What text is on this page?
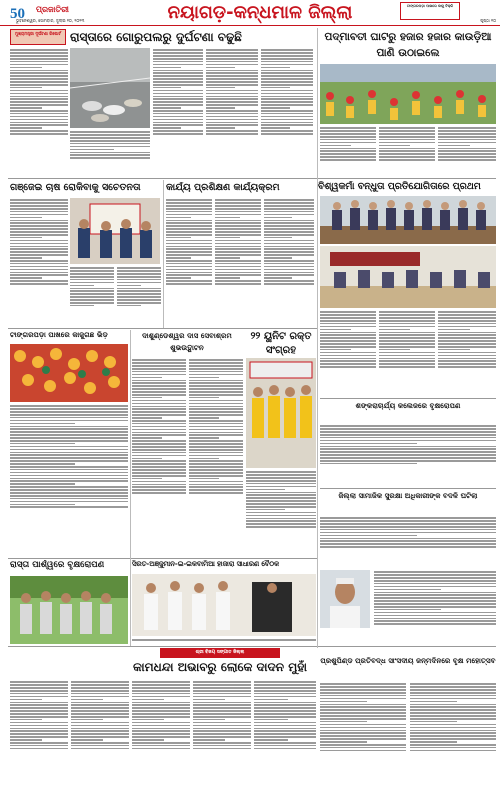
50	ପ୍ରଜାତିରୀ
ଭୁବନେଶ୍ୱର, ସୋମବାର, ଜୁଲାଇ ୧୦, ୨୦୨୩	ନୟାଗଡ଼-କନ୍ଧମାଳ ଜିଲ୍ଲା	ଟାଙ୍ଗରପଡ଼ା ପାଖରେ କାଜୁ ବିକ୍ରି
ପୃଷ୍ଠା ୧୦
ମୁଖ୍ୟମନ୍ତ୍ରୀ ଦୂର୍ଘଟଣା ରିପୋର୍ଟ ରାସ୍ତାରେ ଗୋରୁପଲରୁ ଦୁର୍ଘଟଣା ବଢୁଛି	ପଦ୍ମାବତୀ ଘାଟରୁ ହଜାର ହଜାର କାଉଡ଼ିଆ ପାଣି ଉଠାଇଲେ
ବିଶ୍ୱକର୍ମା ବନ୍ଧୁତା ପ୍ରତିଯୋଗିତାରେ ପ୍ରଥମ
ଗଞ୍ଜେଇ ଚାଷ ରୋକିବାକୁ ସଚେତନତା	କାର୍ଯ୍ୟ ପ୍ରଶିକ୍ଷଣ କାର୍ଯ୍ୟକ୍ରମ
ଟାଙ୍ଗରପଡ଼ା ପାଖରେ କାଜୁଗଛ ଭିଡ଼	ଦାଶୁଣ୍ଡେଶ୍ୱର ଦାସ ସେବାଶ୍ରମ ଶୁଭଉଦ୍ଘାଟନ
୨୨ ୟୁନିଟ ରକ୍ତ ସଂଗ୍ରହ
ଶଙ୍କରାଚାର୍ଯ୍ୟ କଲେଜରେ ବୃକ୍ଷରୋପଣ
ଜିଲ୍ଲା ସାମାଜିକ ସୁରକ୍ଷା ଅଧିକାରୀଙ୍କ ବଦଳି ଘଟିଲା
ସିରତ-ଅଞ୍ଜୁମାନ-ଇ-ଇକବାମିଆ ହାଜାରା ସାଧାରଣ ବୈଠକ
ରାସ୍ତା ପାର୍ଶ୍ୱରେ ବୃକ୍ଷରୋପଣ
ଶ୍ରୀ ବିଜୟ ସଙ୍ଗୀତ ଜିଲ୍ଲା
କାମଧନ୍ଦା ଅଭାବରୁ ଲୋକେ ଦାଦନ ମୁହାଁ	ପ୍ରଶୁପିଣ୍ଡ ପ୍ରତିବଦ୍ଧ ସାଂସଦୀୟ ଜନ୍ମଦିନରେ ବୃକ୍ଷ ମହୋତ୍ସବ
